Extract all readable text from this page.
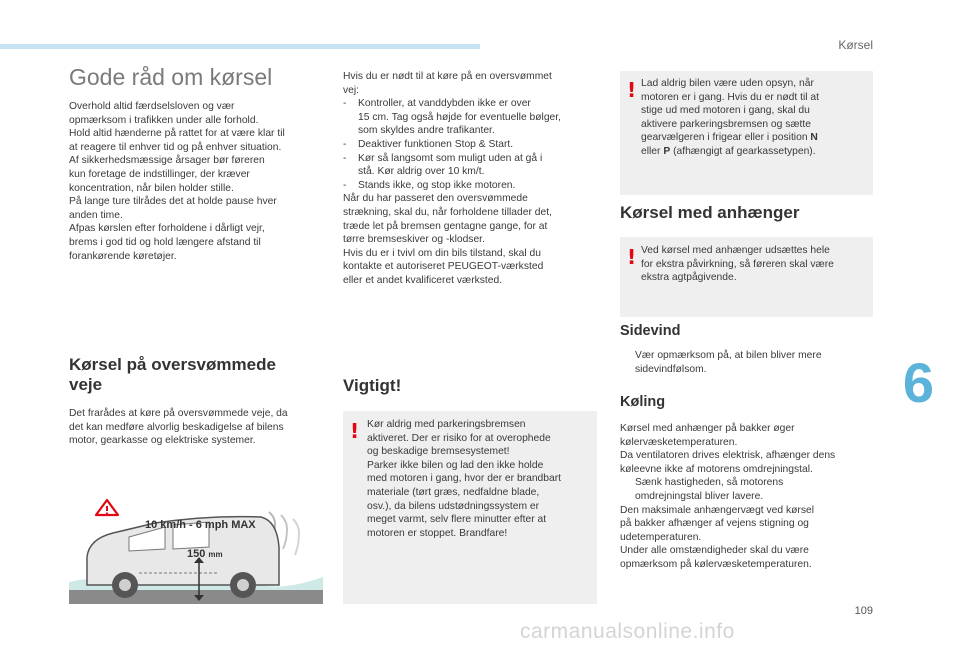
Kørsel
6
109
carmanualsonline.info
Gode råd om kørsel

Overhold altid færdselsloven og vær
opmærksom i trafikken under alle forhold.
Hold altid hænderne på rattet for at være klar til
at reagere til enhver tid og på enhver situation.
Af sikkerhedsmæssige årsager bør føreren
kun foretage de indstillinger, der kræver
koncentration, når bilen holder stille.
På lange ture tilrådes det at holde pause hver
anden time.
Afpas kørslen efter forholdene i dårligt vejr,
brems i god tid og hold længere afstand til
forankørende køretøjer.

Kørsel på oversvømmede
veje

Det frarådes at køre på oversvømmede veje, da
det kan medføre alvorlig beskadigelse af bilens
motor, gearkasse og elektriske systemer.

10 km/h - 6 mph MAX
150 mm

Hvis du er nødt til at køre på en oversvømmet
vej:

- Kontroller, at vanddybden ikke er over
15 cm. Tag også højde for eventuelle bølger,
som skyldes andre trafikanter.
- Deaktiver funktionen Stop & Start.
- Kør så langsomt som muligt uden at gå i
stå. Kør aldrig over 10 km/t.
- Stands ikke, og stop ikke motoren.

Når du har passeret den oversvømmede
strækning, skal du, når forholdene tillader det,
træde let på bremsen gentagne gange, for at
tørre bremseskiver og -klodser.
Hvis du er i tvivl om din bils tilstand, skal du
kontakte et autoriseret PEUGEOT-værksted
eller et andet kvalificeret værksted.

Vigtigt!
! Kør aldrig med parkeringsbremsen
aktiveret. Der er risiko for at overophede
og beskadige bremsesystemet!
Parker ikke bilen og lad den ikke holde
med motoren i gang, hvor der er brandbart
materiale (tørt græs, nedfaldne blade,
osv.), da bilens udstødningssystem er
meget varmt, selv flere minutter efter at
motoren er stoppet. Brandfare!

! Lad aldrig bilen være uden opsyn, når
motoren er i gang. Hvis du er nødt til at
stige ud med motoren i gang, skal du
aktivere parkeringsbremsen og sætte
gearvælgeren i frigear eller i position N
eller P (afhængigt af gearkassetypen).

Kørsel med anhænger
! Ved kørsel med anhænger udsættes hele
for ekstra påvirkning, så føreren skal være
ekstra agtpågivende.

Sidevind
Vær opmærksom på, at bilen bliver mere
sidevindfølsom.
Køling

Kørsel med anhænger på bakker øger
kølervæsketemperaturen.
Da ventilatoren drives elektrisk, afhænger dens
køleevne ikke af motorens omdrejningstal.

Sænk hastigheden, så motorens
omdrejningstal bliver lavere.

Den maksimale anhængervægt ved kørsel
på bakker afhænger af vejens stigning og
udetemperaturen.
Under alle omstændigheder skal du være
opmærksom på kølervæsketemperaturen.
